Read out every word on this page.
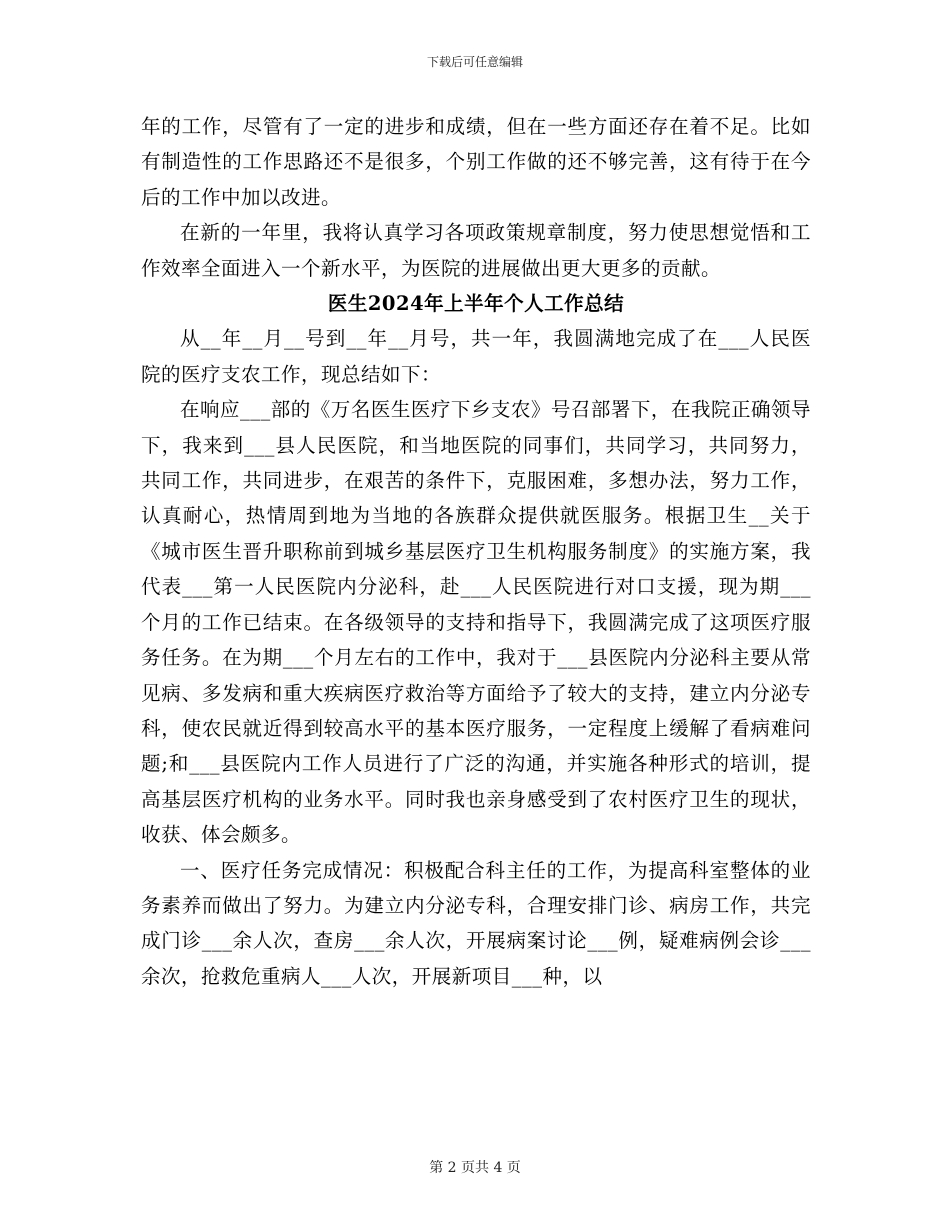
下载后可任意编辑

年的工作，尽管有了一定的进步和成绩，但在一些方面还存在着不足。比如有制造性的工作思路还不是很多，个别工作做的还不够完善，这有待于在今后的工作中加以改进。

在新的一年里，我将认真学习各项政策规章制度，努力使思想觉悟和工作效率全面进入一个新水平，为医院的进展做出更大更多的贡献。

医生2024年上半年个人工作总结

从__年__月__号到__年__月号，共一年，我圆满地完成了在___人民医院的医疗支农工作，现总结如下：

在响应___部的《万名医生医疗下乡支农》号召部署下，在我院正确领导下，我来到___县人民医院，和当地医院的同事们，共同学习，共同努力，共同工作，共同进步，在艰苦的条件下，克服困难，多想办法，努力工作，认真耐心，热情周到地为当地的各族群众提供就医服务。根据卫生__关于《城市医生晋升职称前到城乡基层医疗卫生机构服务制度》的实施方案，我代表___第一人民医院内分泌科，赴___人民医院进行对口支援，现为期___个月的工作已结束。在各级领导的支持和指导下，我圆满完成了这项医疗服务任务。在为期___个月左右的工作中，我对于___县医院内分泌科主要从常见病、多发病和重大疾病医疗救治等方面给予了较大的支持，建立内分泌专科，使农民就近得到较高水平的基本医疗服务，一定程度上缓解了看病难问题;和___县医院内工作人员进行了广泛的沟通，并实施各种形式的培训，提高基层医疗机构的业务水平。同时我也亲身感受到了农村医疗卫生的现状，收获、体会颇多。

一、医疗任务完成情况：积极配合科主任的工作，为提高科室整体的业务素养而做出了努力。为建立内分泌专科，合理安排门诊、病房工作，共完成门诊___余人次，查房___余人次，开展病案讨论___例，疑难病例会诊___余次，抢救危重病人___人次，开展新项目___种，以

第 2 页共 4 页
